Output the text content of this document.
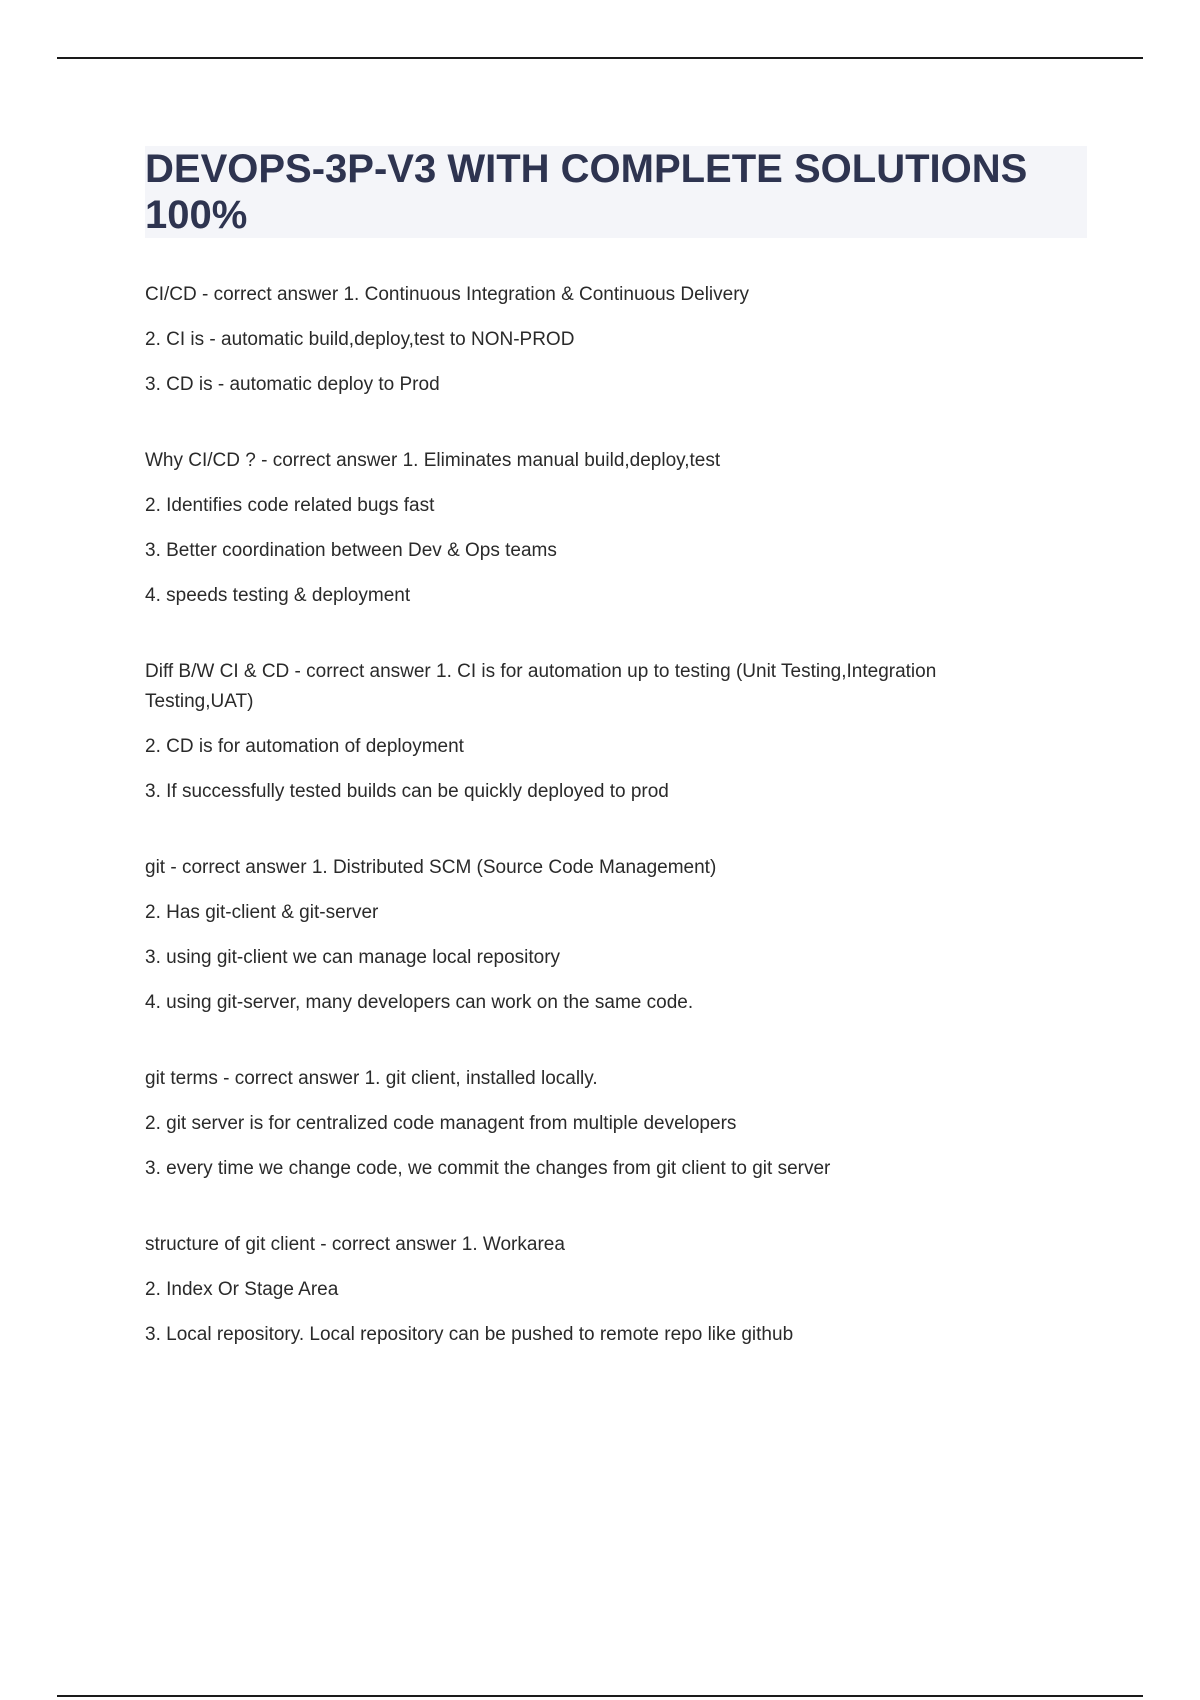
DEVOPS-3P-V3 WITH COMPLETE SOLUTIONS 100%

CI/CD - correct answer 1. Continuous Integration & Continuous Delivery

2. CI is - automatic build,deploy,test to NON-PROD

3. CD is - automatic deploy to Prod

Why CI/CD ? - correct answer 1. Eliminates manual build,deploy,test

2. Identifies code related bugs fast

3. Better coordination between Dev & Ops teams

4. speeds testing & deployment

Diff B/W CI & CD - correct answer 1. CI is for automation up to testing (Unit Testing,Integration Testing,UAT)

2. CD is for automation of deployment

3. If successfully tested builds can be quickly deployed to prod

git - correct answer 1. Distributed SCM (Source Code Management)

2. Has git-client & git-server

3. using git-client we can manage local repository

4. using git-server, many developers can work on the same code.

git terms - correct answer 1. git client, installed locally.

2. git server is for centralized code managent from multiple developers

3. every time we change code, we commit the changes from git client to git server

structure of git client - correct answer 1. Workarea

2. Index Or Stage Area

3. Local repository. Local repository can be pushed to remote repo like github
